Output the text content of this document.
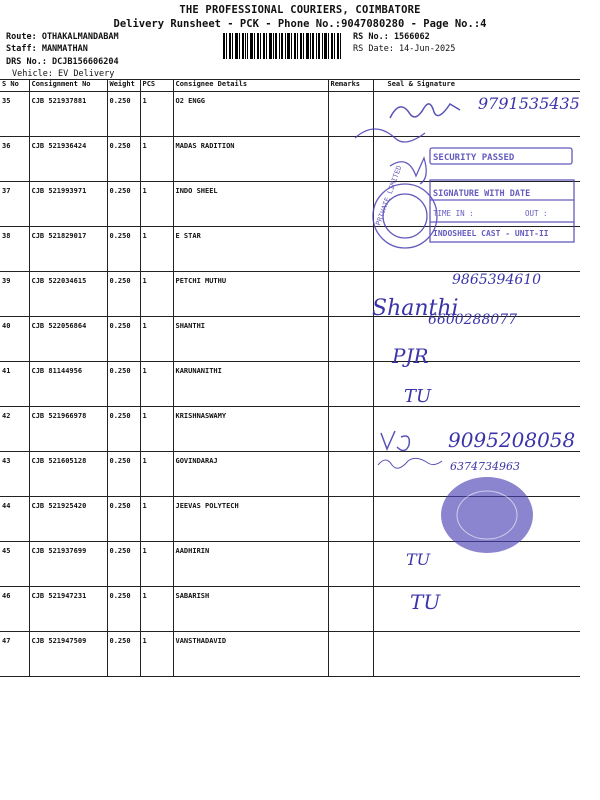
THE PROFESSIONAL COURIERS, COIMBATORE
Delivery Runsheet - PCK - Phone No.:9047080280 - Page No.:4
Route: OTHAKALMANDABAM
Staff: MANMATHAN
DRS No.: DCJB156606204
Vehicle: EV Delivery
RS No.: 1566062
RS Date: 14-Jun-2025
S No	Consignment No	Weight	PCS	Consignee Details	Remarks	Seal & Signature
35	CJB 521937881	0.250	1	O2 ENGG		
36	CJB 521936424	0.250	1	MADAS RADITION		
37	CJB 521993971	0.250	1	INDO SHEEL		
38	CJB 521829017	0.250	1	E STAR		
39	CJB 522034615	0.250	1	PETCHI MUTHU		
40	CJB 522056864	0.250	1	SHANTHI		
41	CJB 81144956	0.250	1	KARUNANITHI		
42	CJB 521966978	0.250	1	KRISHNASWAMY		
43	CJB 521605128	0.250	1	GOVINDARAJ		
44	CJB 521925420	0.250	1	JEEVAS POLYTECH		
45	CJB 521937699	0.250	1	AADHIRIN		
46	CJB 521947231	0.250	1	SABARISH		
47	CJB 521947509	0.250	1	VANSTHADAVID		
SECURITY PASSED
SIGNATURE WITH DATE
TIME IN :	OUT :
INDOSHEEL CAST - UNIT-II
PRIVATE LIMITED
9791535435
9865394610
Shanthi
6600288077
PJR
TU
9095208058
6374734963
TU
TU
